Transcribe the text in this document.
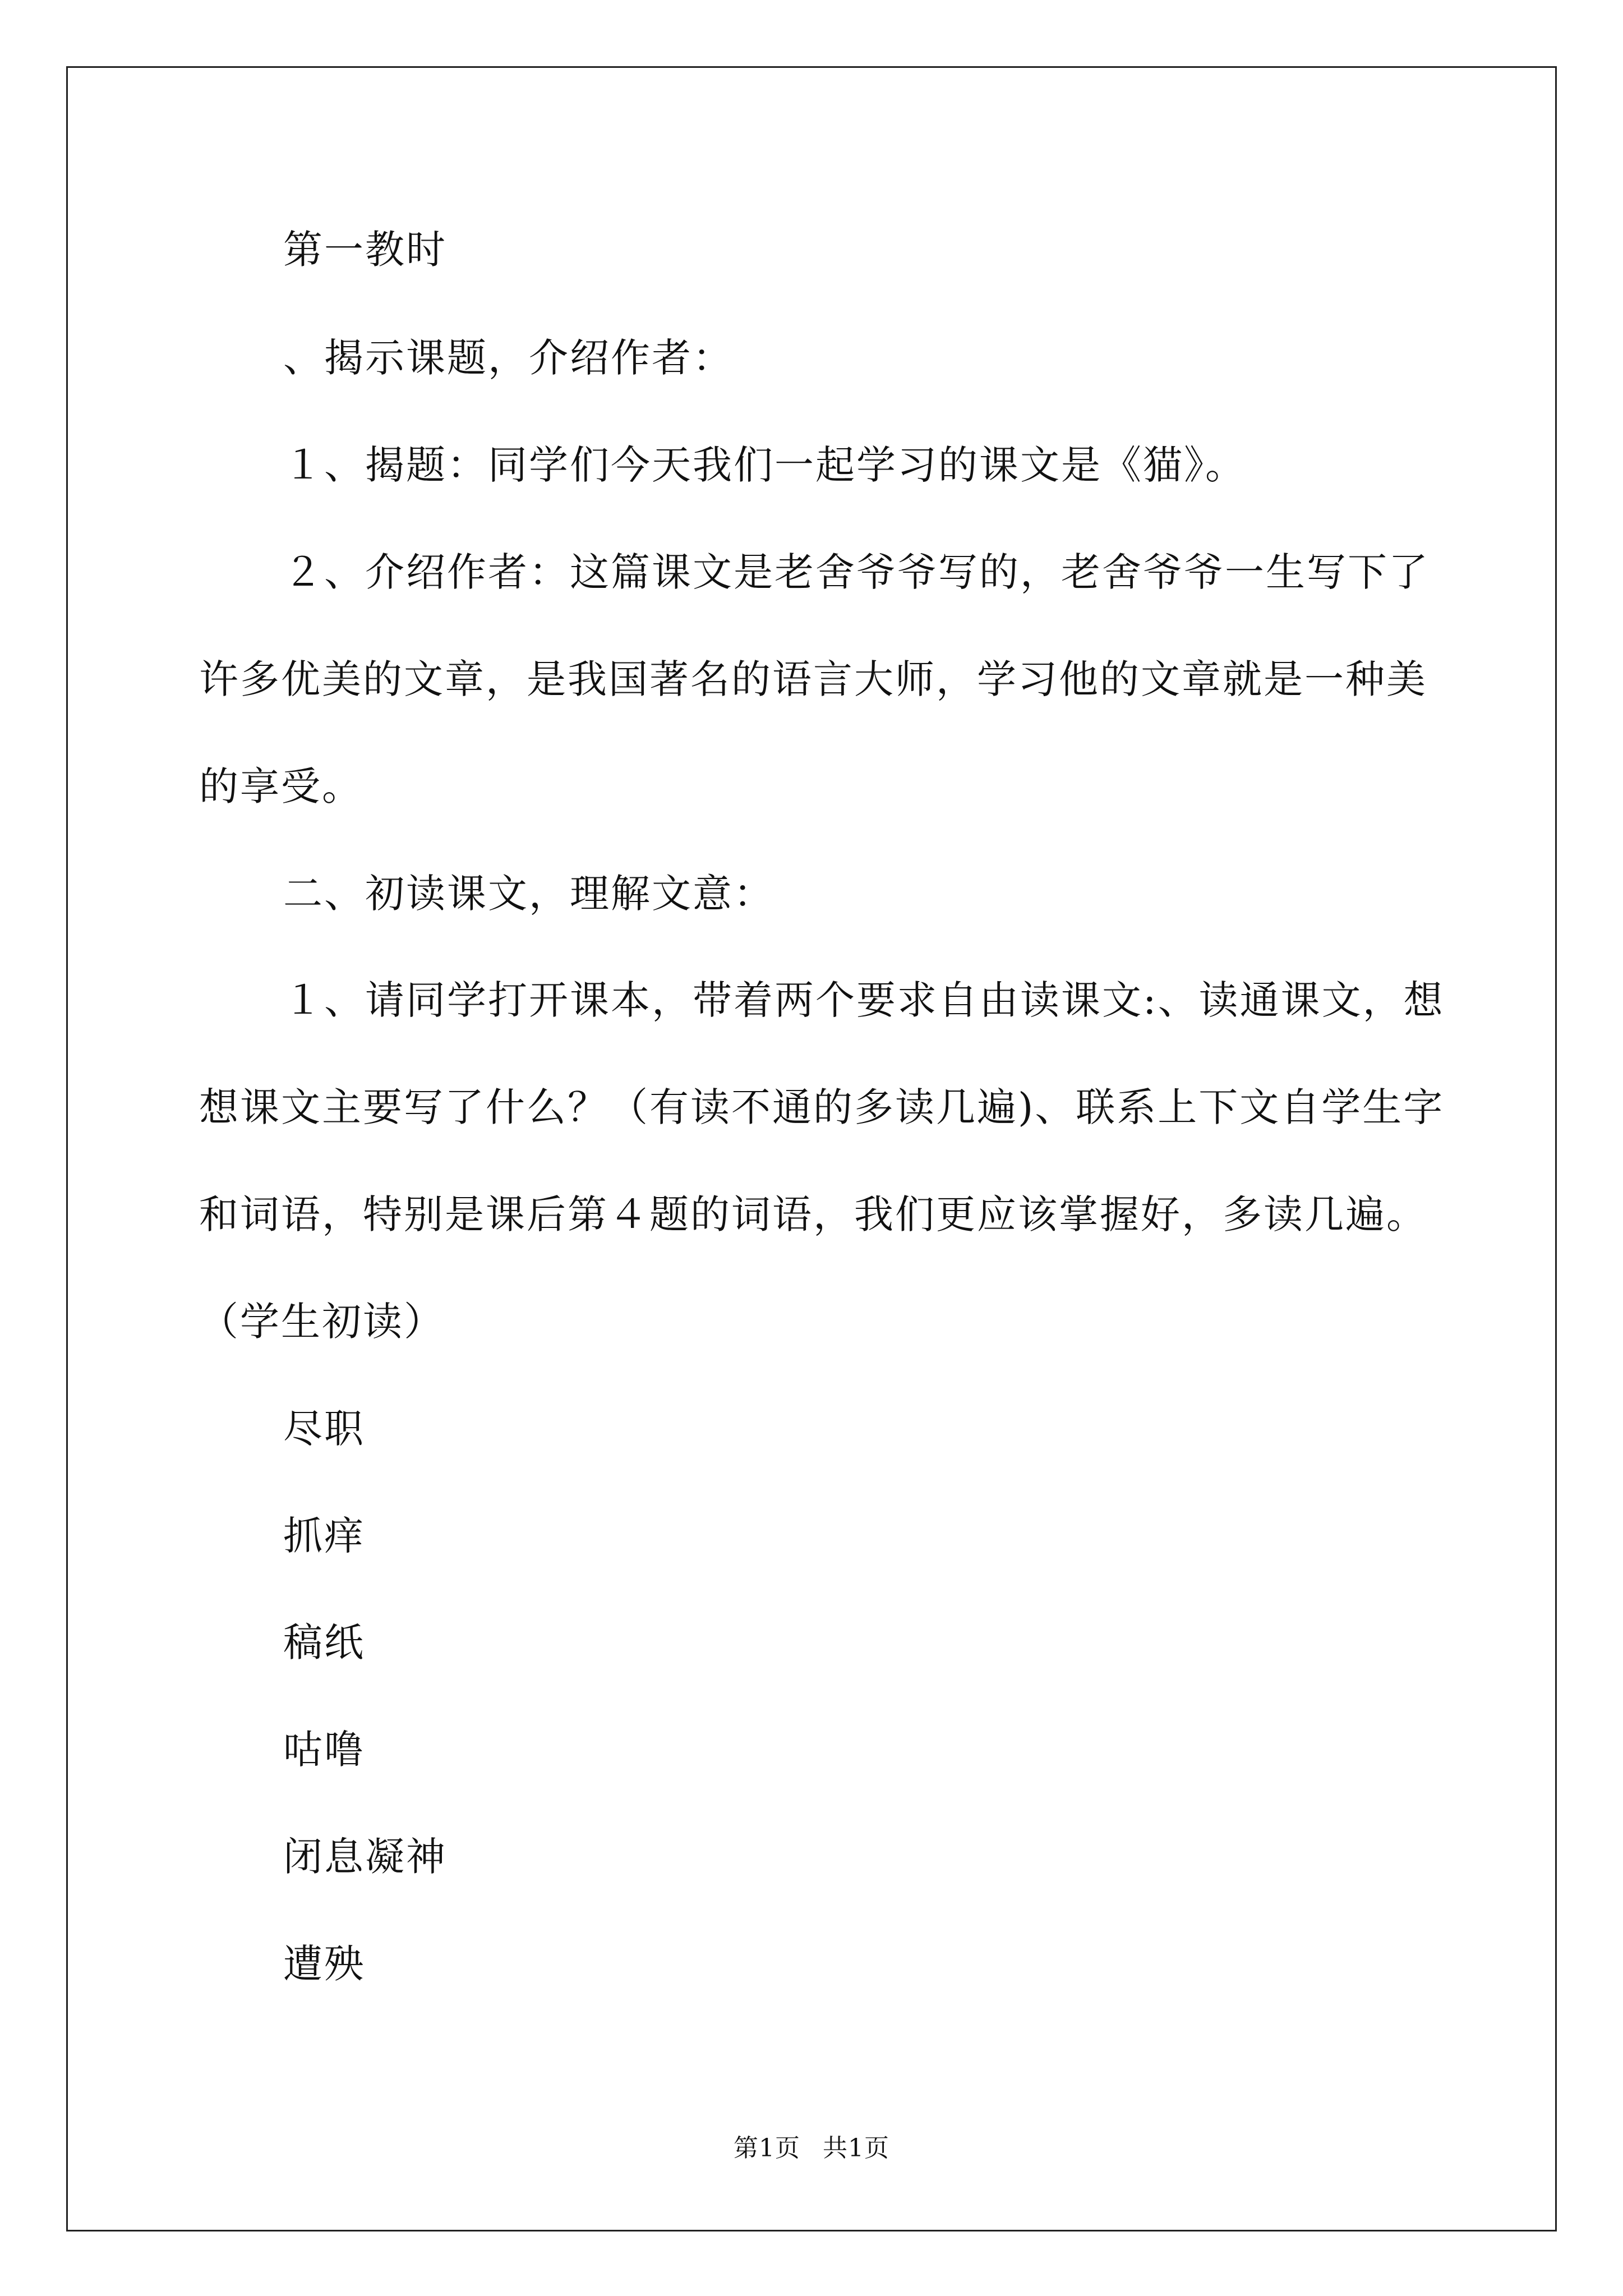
第一教时
、揭示课题，介绍作者：
１、揭题：同学们今天我们一起学习的课文是《猫》。
２、介绍作者：这篇课文是老舍爷爷写的，老舍爷爷一生写下了
许多优美的文章，是我国著名的语言大师，学习他的文章就是一种美
的享受。
二、初读课文，理解文意：
１、请同学打开课本，带着两个要求自由读课文:、读通课文，想
想课文主要写了什么？（有读不通的多读几遍)、联系上下文自学生字
和词语，特别是课后第４题的词语，我们更应该掌握好，多读几遍。
（学生初读）
尽职
抓痒
稿纸
咕噜
闭息凝神
遭殃
第1页 共1页
